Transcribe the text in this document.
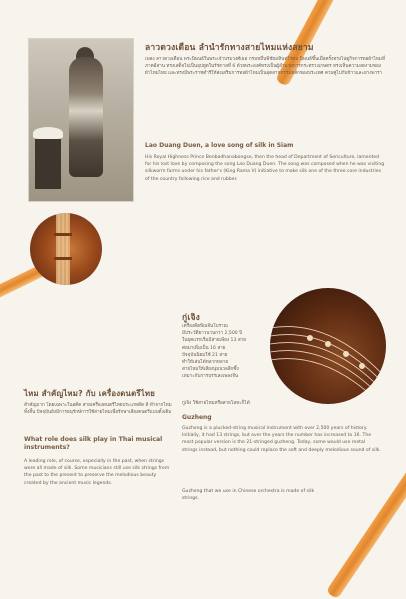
ลาวดวงเดือน ลำนำรักทางสายไหมแห่งสยาม

เพลง ลาวดวงเดือน พระนิพนธ์ในพระเจ้าบรมวงศ์เธอ กรมหมื่นพิชัยมหินทโรดม นิพนธ์ขึ้นเมื่อครั้งทรงไปดูกิจการทอผ้าไหมที่ภาคอีสาน ทรงเสด็จไปเป็นอุปทูตในรัชกาลที่ 6 ด้วยพระองค์ทรงเป็นผู้อำนวยการกระทรวงเกษตร ทรงเห็นความงดงามของผ้าไหมไทย และทรงมีพระราชดำริให้ส่งเสริมการทอผ้าไหมเป็นอุตสาหกรรมหลักของประเทศ ควบคู่ไปกับข้าวและยางพารา

Lao Duang Duen, a love song of silk in Siam

His Royal Highness Prince Benbadhanabongse, then the head of Department of Sericulture, lamented for his lost love by composing the song Lao Duang Duen. The song was composed when he was visiting silkworm farms under his father's (King Rama V) initiative to make silk one of the three core industries of the country following rice and rubber.

กู่เจิง
เครื่องดีดพิณจีนโบราณ
มีประวัติยาวนานกว่า 2,500 ปี
ในยุคแรกเริ่มมีสายเพียง 13 สาย
ต่อมาเพิ่มเป็น 16 สาย
ปัจจุบันนิยมใช้ 21 สาย
ทำให้เล่นได้หลากหลาย
สายไหมให้เสียงนุ่มนวลลึกซึ้ง
เหมาะกับการบรรเลงเพลงจีน

กู่เจิง ใช้สายไหมหรือสายโลหะก็ได้

Guzheng

Guzheng is a plucked-string musical instrument with over 2,500 years of history. Initially, it had 13 strings, but over the years the number has increased to 16. The most popular version is the 21-stringed guzheng. Today, some would use metal strings instead, but nothing could replace the soft and deeply melodious sound of silk.

Guzheng that we use in Chinese orchestra is made of silk strings.

ไหม สำคัญไหม? กับ เครื่องดนตรีไทย

สำคัญมาก โดยเฉพาะในอดีต สายเครื่องดนตรีไทยประเภทดีด สี ทำจากไหมทั้งสิ้น ปัจจุบันยังมีการอนุรักษ์การใช้สายไหมเพื่อรักษาเสียงดนตรีแบบดั้งเดิม

What role does silk play in Thai musical instruments?

A leading role, of course, especially in the past, when strings were all made of silk. Some musicians still use silk strings from the past to the present to preserve the melodious beauty created by the ancient music legends.
